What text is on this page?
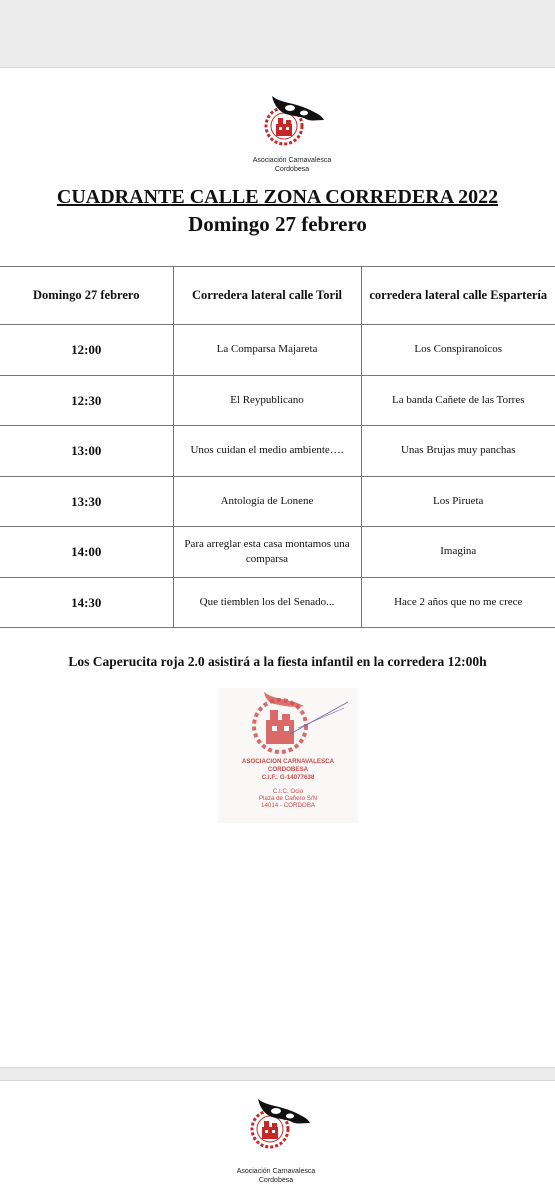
Asociación Carnavalesca
Cordobesa
CUADRANTE CALLE ZONA CORREDERA 2022
Domingo 27 febrero
Domingo 27 febrero	Corredera lateral calle Toril	corredera lateral calle Espartería
12:00	La Comparsa Majareta	Los Conspiranoicos
12:30	El Reypublicano	La banda Cañete de las Torres
13:00	Unos cuidan el medio ambiente….	Unas Brujas muy panchas
13:30	Antología de Lonene	Los Pirueta
14:00	Para arreglar esta casa montamos una comparsa	Imagina
14:30	Que tiemblen los del Senado...	Hace 2 años que no me crece
Los Caperucita roja 2.0 asistirá a la fiesta infantil en la corredera 12:00h
ASOCIACION CARNAVALESCA
CORDOBESA
C.I.F.: G-14077638
C.I.C. Ocio
Plaza de Cañero S/N
14014 - CORDOBA
Asociación Carnavalesca
Cordobesa
